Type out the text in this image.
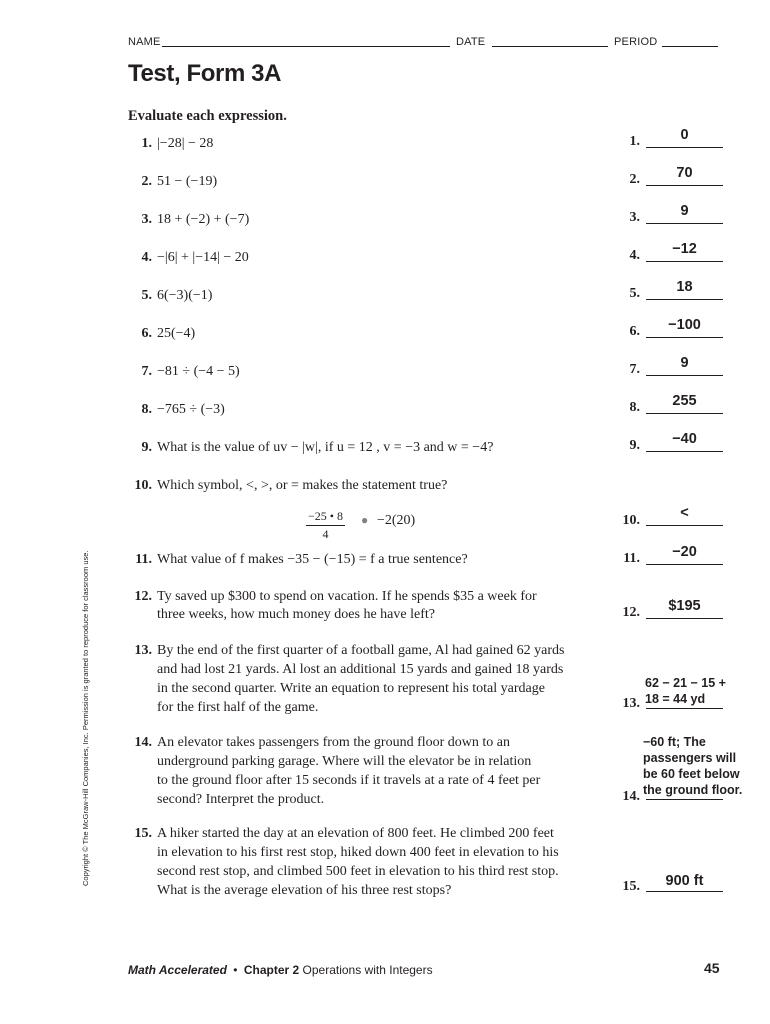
NAME	DATE	PERIOD
Test, Form 3A
Evaluate each expression.
1. |−28| − 28
2. 51 − (−19)
3. 18 + (−2) + (−7)
4. −|6| + |−14| − 20
5. 6(−3)(−1)
6. 25(−4)
7. −81 ÷ (−4 − 5)
8. −765 ÷ (−3)
9. What is the value of uv − |w|, if u = 12 , v = −3 and w = −4?
10. Which symbol, <, >, or = makes the statement true?
$\frac{-25 • 8}{4}$ ● −2(20)
11. What value of f makes −35 − (−15) = f a true sentence?
12. Ty saved up $300 to spend on vacation. If he spends $35 a week for
three weeks, how much money does he have left?
13. By the end of the first quarter of a football game, Al had gained 62 yards
and had lost 21 yards. Al lost an additional 15 yards and gained 18 yards
in the second quarter. Write an equation to represent his total yardage
for the first half of the game.
14. An elevator takes passengers from the ground floor down to an
underground parking garage. Where will the elevator be in relation
to the ground floor after 15 seconds if it travels at a rate of 4 feet per
second? Interpret the product.
15. A hiker started the day at an elevation of 800 feet. He climbed 200 feet
in elevation to his first rest stop, hiked down 400 feet in elevation to his
second rest stop, and climbed 500 feet in elevation to his third rest stop.
What is the average elevation of his three rest stops?
1.	0
2.	70
3.	9
4.	−12
5.	18
6.	−100
7.	9
8.	255
9.	−40
10.	<
11.	−20
12.	$195
13.
62 − 21 − 15 +
18 = 44 yd
14.
−60 ft; The
passengers will
be 60 feet below
the ground floor.
15.	900 ft
Copyright © The McGraw-Hill Companies, Inc. Permission is granted to reproduce for classroom use.
Math Accelerated • Chapter 2 Operations with Integers	45
